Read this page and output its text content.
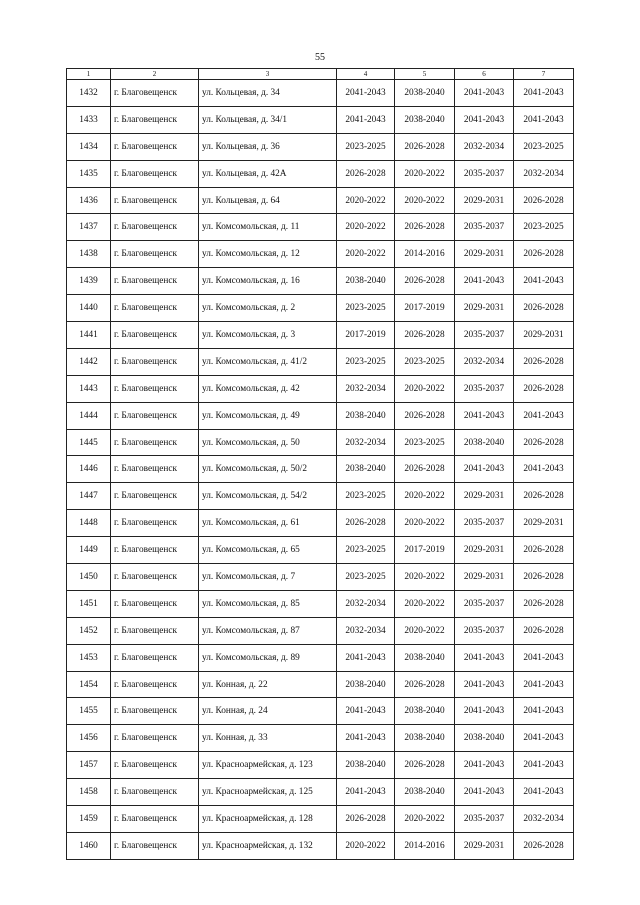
55
1	2	3	4	5	6	7
1432	г. Благовещенск	ул. Кольцевая, д. 34	2041-2043	2038-2040	2041-2043	2041-2043
1433	г. Благовещенск	ул. Кольцевая, д. 34/1	2041-2043	2038-2040	2041-2043	2041-2043
1434	г. Благовещенск	ул. Кольцевая, д. 36	2023-2025	2026-2028	2032-2034	2023-2025
1435	г. Благовещенск	ул. Кольцевая, д. 42А	2026-2028	2020-2022	2035-2037	2032-2034
1436	г. Благовещенск	ул. Кольцевая, д. 64	2020-2022	2020-2022	2029-2031	2026-2028
1437	г. Благовещенск	ул. Комсомольская, д. 11	2020-2022	2026-2028	2035-2037	2023-2025
1438	г. Благовещенск	ул. Комсомольская, д. 12	2020-2022	2014-2016	2029-2031	2026-2028
1439	г. Благовещенск	ул. Комсомольская, д. 16	2038-2040	2026-2028	2041-2043	2041-2043
1440	г. Благовещенск	ул. Комсомольская, д. 2	2023-2025	2017-2019	2029-2031	2026-2028
1441	г. Благовещенск	ул. Комсомольская, д. 3	2017-2019	2026-2028	2035-2037	2029-2031
1442	г. Благовещенск	ул. Комсомольская, д. 41/2	2023-2025	2023-2025	2032-2034	2026-2028
1443	г. Благовещенск	ул. Комсомольская, д. 42	2032-2034	2020-2022	2035-2037	2026-2028
1444	г. Благовещенск	ул. Комсомольская, д. 49	2038-2040	2026-2028	2041-2043	2041-2043
1445	г. Благовещенск	ул. Комсомольская, д. 50	2032-2034	2023-2025	2038-2040	2026-2028
1446	г. Благовещенск	ул. Комсомольская, д. 50/2	2038-2040	2026-2028	2041-2043	2041-2043
1447	г. Благовещенск	ул. Комсомольская, д. 54/2	2023-2025	2020-2022	2029-2031	2026-2028
1448	г. Благовещенск	ул. Комсомольская, д. 61	2026-2028	2020-2022	2035-2037	2029-2031
1449	г. Благовещенск	ул. Комсомольская, д. 65	2023-2025	2017-2019	2029-2031	2026-2028
1450	г. Благовещенск	ул. Комсомольская, д. 7	2023-2025	2020-2022	2029-2031	2026-2028
1451	г. Благовещенск	ул. Комсомольская, д. 85	2032-2034	2020-2022	2035-2037	2026-2028
1452	г. Благовещенск	ул. Комсомольская, д. 87	2032-2034	2020-2022	2035-2037	2026-2028
1453	г. Благовещенск	ул. Комсомольская, д. 89	2041-2043	2038-2040	2041-2043	2041-2043
1454	г. Благовещенск	ул. Конная, д. 22	2038-2040	2026-2028	2041-2043	2041-2043
1455	г. Благовещенск	ул. Конная, д. 24	2041-2043	2038-2040	2041-2043	2041-2043
1456	г. Благовещенск	ул. Конная, д. 33	2041-2043	2038-2040	2038-2040	2041-2043
1457	г. Благовещенск	ул. Красноармейская, д. 123	2038-2040	2026-2028	2041-2043	2041-2043
1458	г. Благовещенск	ул. Красноармейская, д. 125	2041-2043	2038-2040	2041-2043	2041-2043
1459	г. Благовещенск	ул. Красноармейская, д. 128	2026-2028	2020-2022	2035-2037	2032-2034
1460	г. Благовещенск	ул. Красноармейская, д. 132	2020-2022	2014-2016	2029-2031	2026-2028
